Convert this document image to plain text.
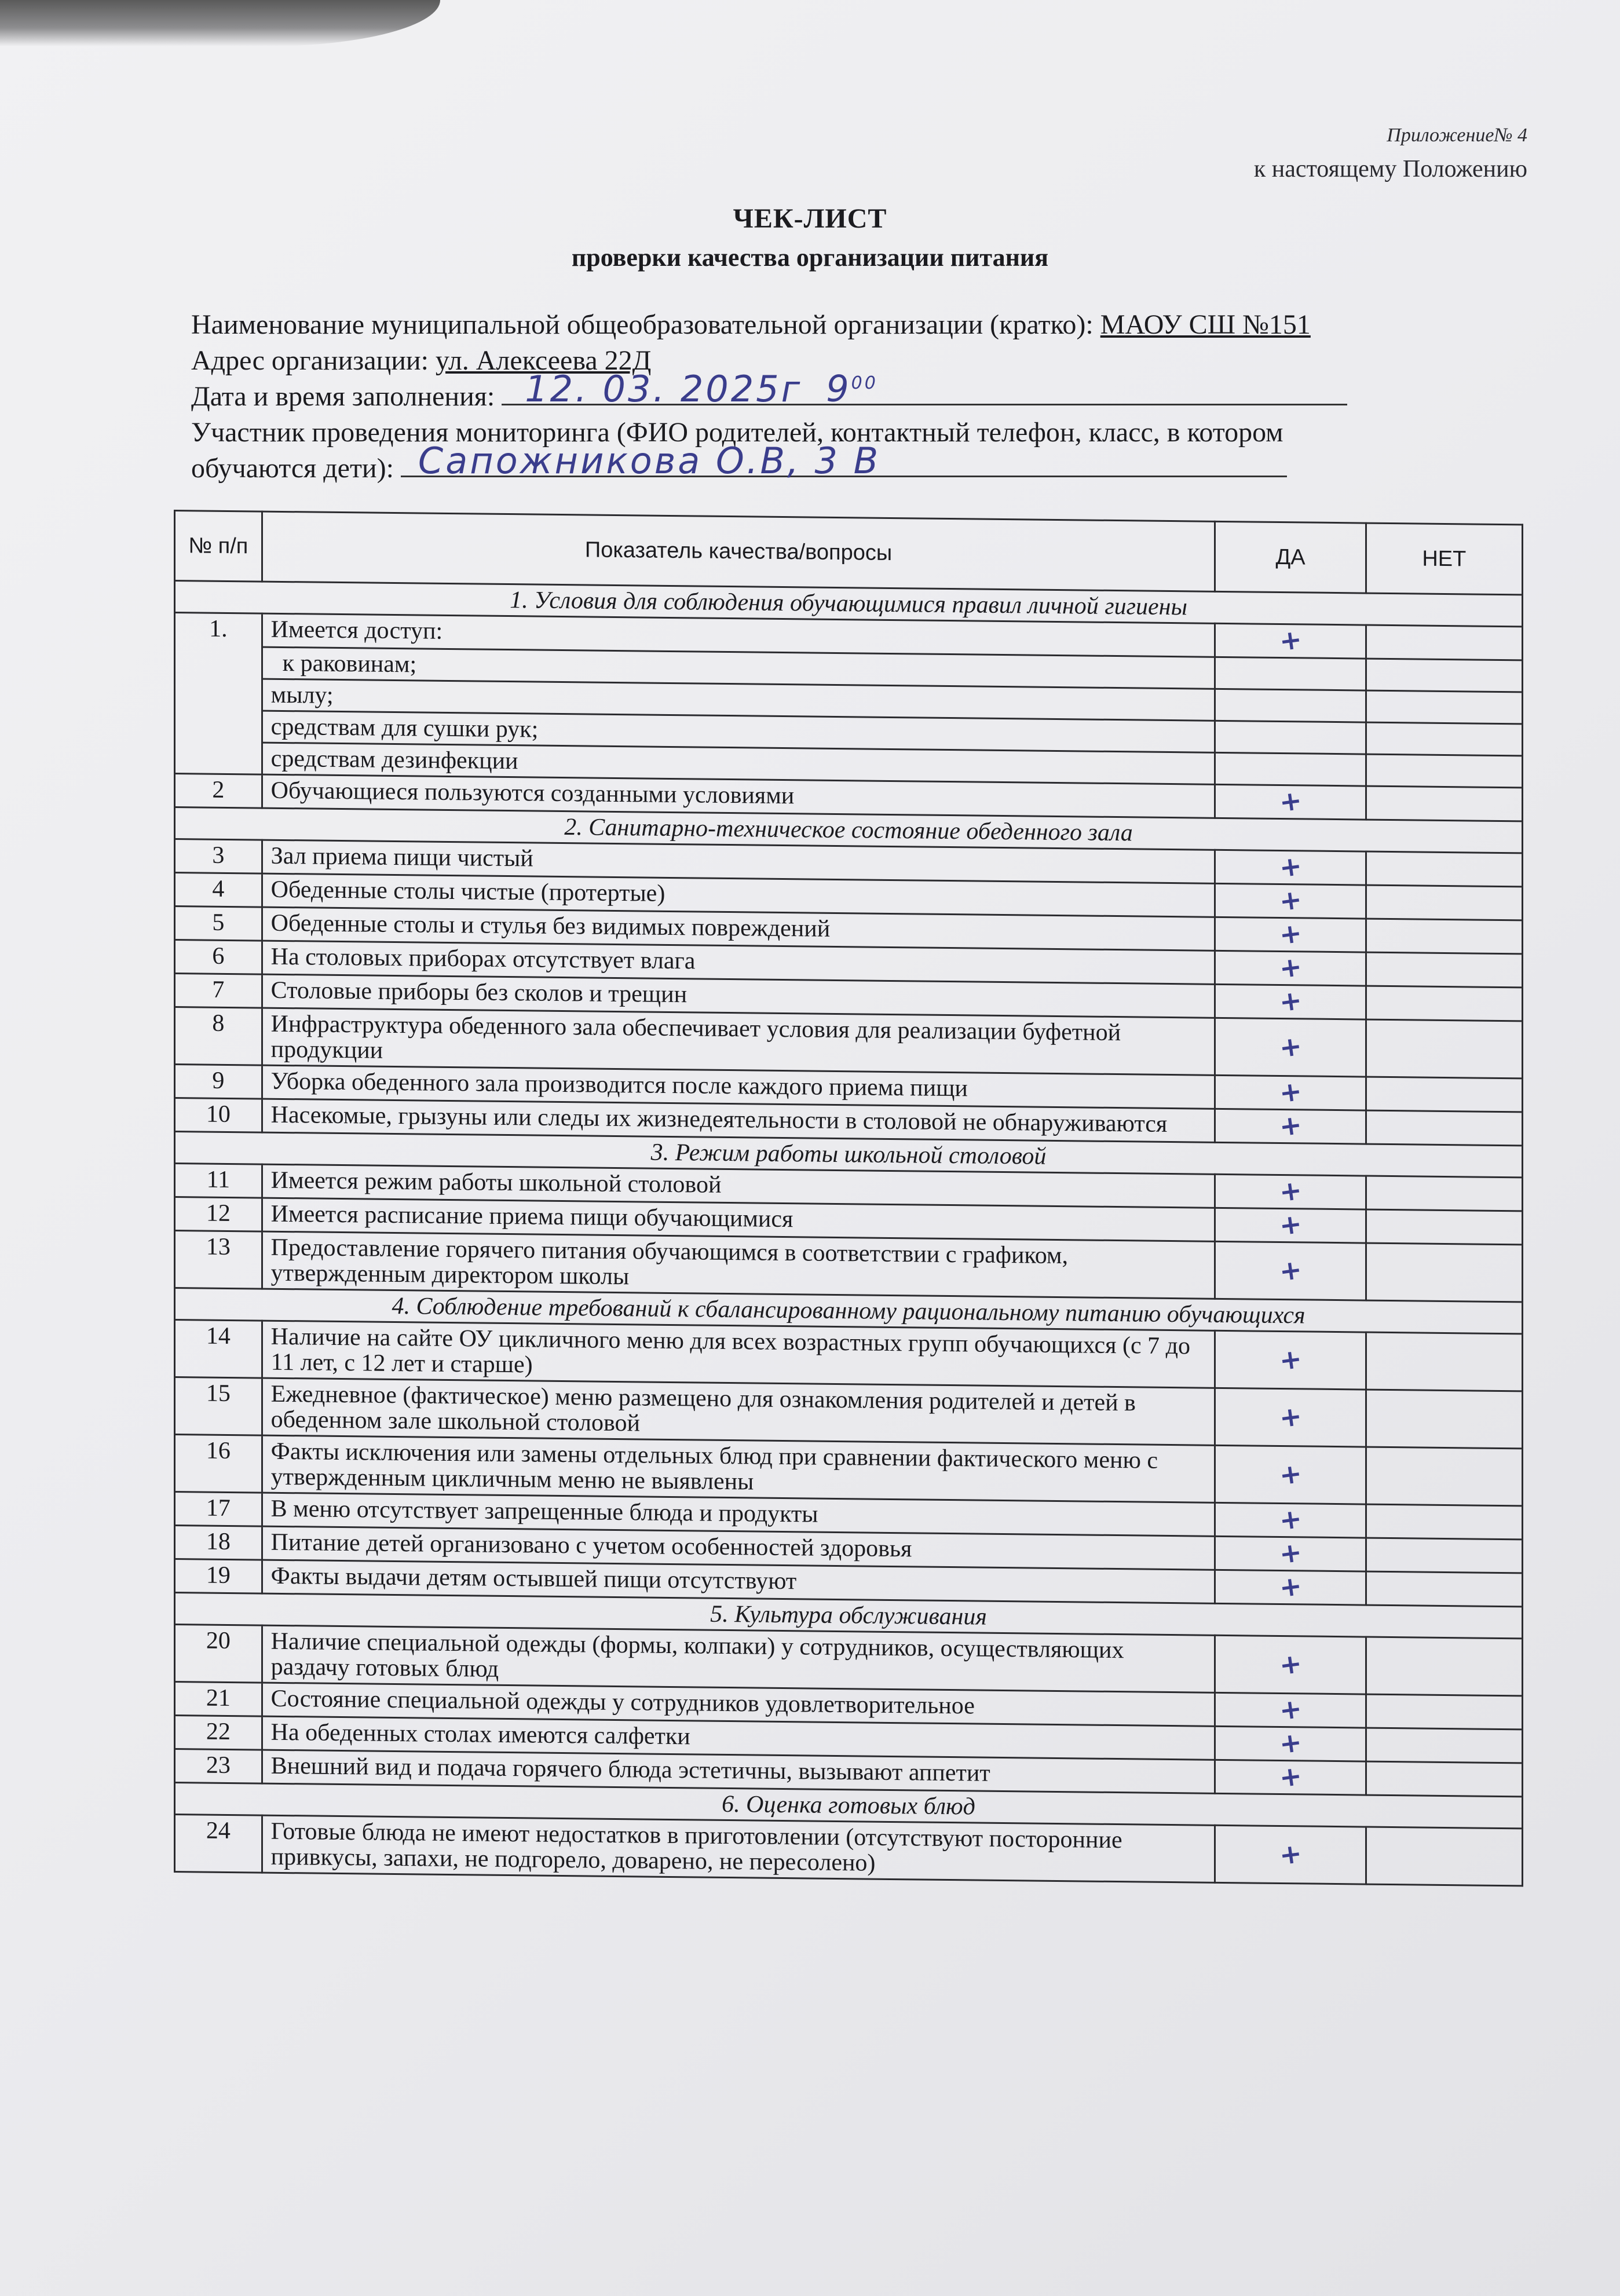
Приложение№ 4
к настоящему Положению
ЧЕК-ЛИСТ
проверки качества организации питания
Наименование муниципальной общеобразовательной организации (кратко): МАОУ СШ №151
Адрес организации: ул. Алексеева 22Д
Дата и время заполнения: 12. 03. 2025г $9^{00}$
Участник проведения мониторинга (ФИО родителей, контактный телефон, класс, в котором
обучаются дети): Сапожникова О.В, 3 В
№ п/п	Показатель качества/вопросы	ДА	НЕТ
1. Условия для соблюдения обучающимися правил личной гигиены			
1.	Имеется доступ:	+	
	к раковинам;		
	мылу;		
	средствам для сушки рук;		
	средствам дезинфекции		
2	Обучающиеся пользуются созданными условиями	+	
2. Санитарно-техническое состояние обеденного зала			
3	Зал приема пищи чистый	+	
4	Обеденные столы чистые (протертые)	+	
5	Обеденные столы и стулья без видимых повреждений	+	
6	На столовых приборах отсутствует влага	+	
7	Столовые приборы без сколов и трещин	+	
8	Инфраструктура обеденного зала обеспечивает условия для реализации буфетной продукции	+	
9	Уборка обеденного зала производится после каждого приема пищи	+	
10	Насекомые, грызуны или следы их жизнедеятельности в столовой не обнаруживаются	+	
3. Режим работы школьной столовой			
11	Имеется режим работы школьной столовой	+	
12	Имеется расписание приема пищи обучающимися	+	
13	Предоставление горячего питания обучающимся в соответствии с графиком, утвержденным директором школы	+	
4. Соблюдение требований к сбалансированному рациональному питанию обучающихся			
14	Наличие на сайте ОУ цикличного меню для всех возрастных групп обучающихся (с 7 до 11 лет, с 12 лет и старше)	+	
15	Ежедневное (фактическое) меню размещено для ознакомления родителей и детей в обеденном зале школьной столовой	+	
16	Факты исключения или замены отдельных блюд при сравнении фактического меню с утвержденным цикличным меню не выявлены	+	
17	В меню отсутствует запрещенные блюда и продукты	+	
18	Питание детей организовано с учетом особенностей здоровья	+	
19	Факты выдачи детям остывшей пищи отсутствуют	+	
5. Культура обслуживания			
20	Наличие специальной одежды (формы, колпаки) у сотрудников, осуществляющих раздачу готовых блюд	+	
21	Состояние специальной одежды у сотрудников удовлетворительное	+	
22	На обеденных столах имеются салфетки	+	
23	Внешний вид и подача горячего блюда эстетичны, вызывают аппетит	+	
6. Оценка готовых блюд			
24	Готовые блюда не имеют недостатков в приготовлении (отсутствуют посторонние привкусы, запахи, не подгорело, доварено, не пересолено)	+	
